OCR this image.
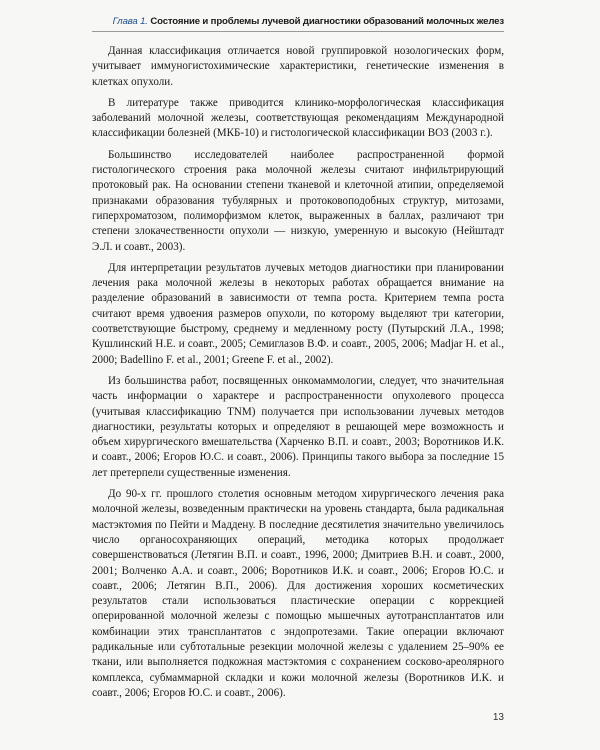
Глава 1. Состояние и проблемы лучевой диагностики образований молочных желез

Данная классификация отличается новой группировкой нозологических форм, учитывает иммуногистохимические характеристики, генетические изменения в клетках опухоли.

В литературе также приводится клинико-морфологическая классификация заболеваний молочной железы, соответствующая рекомендациям Международной классификации болезней (МКБ-10) и гистологической классификации ВОЗ (2003 г.).

Большинство исследователей наиболее распространенной формой гистологического строения рака молочной железы считают инфильтрирующий протоковый рак. На основании степени тканевой и клеточной атипии, определяемой признаками образования тубулярных и протоковоподобных структур, митозами, гиперхроматозом, полиморфизмом клеток, выраженных в баллах, различают три степени злокачественности опухоли — низкую, умеренную и высокую (Нейштадт Э.Л. и соавт., 2003).

Для интерпретации результатов лучевых методов диагностики при планировании лечения рака молочной железы в некоторых работах обращается внимание на разделение образований в зависимости от темпа роста. Критерием темпа роста считают время удвоения размеров опухоли, по которому выделяют три категории, соответствующие быстрому, среднему и медленному росту (Путырский Л.А., 1998; Кушлинский Н.Е. и соавт., 2005; Семиглазов В.Ф. и соавт., 2005, 2006; Madjar H. et al., 2000; Badellino F. et al., 2001; Greene F. et al., 2002).

Из большинства работ, посвященных онкомаммологии, следует, что значительная часть информации о характере и распространенности опухолевого процесса (учитывая классификацию TNM) получается при использовании лучевых методов диагностики, результаты которых и определяют в решающей мере возможность и объем хирургического вмешательства (Харченко В.П. и соавт., 2003; Воротников И.К. и соавт., 2006; Егоров Ю.С. и соавт., 2006). Принципы такого выбора за последние 15 лет претерпели существенные изменения.

До 90-х гг. прошлого столетия основным методом хирургического лечения рака молочной железы, возведенным практически на уровень стандарта, была радикальная мастэктомия по Пейти и Маддену. В последние десятилетия значительно увеличилось число органосохраняющих операций, методика которых продолжает совершенствоваться (Летягин В.П. и соавт., 1996, 2000; Дмитриев В.Н. и соавт., 2000, 2001; Волченко А.А. и соавт., 2006; Воротников И.К. и соавт., 2006; Егоров Ю.С. и соавт., 2006; Летягин В.П., 2006). Для достижения хороших косметических результатов стали использоваться пластические операции с коррекцией оперированной молочной железы с помощью мышечных аутотрансплантатов или комбинации этих трансплантатов с эндопротезами. Такие операции включают радикальные или субтотальные резекции молочной железы с удалением 25–90% ее ткани, или выполняется подкожная мастэктомия с сохранением сосково-ареолярного комплекса, субмаммарной складки и кожи молочной железы (Воротников И.К. и соавт., 2006; Егоров Ю.С. и соавт., 2006).

13
